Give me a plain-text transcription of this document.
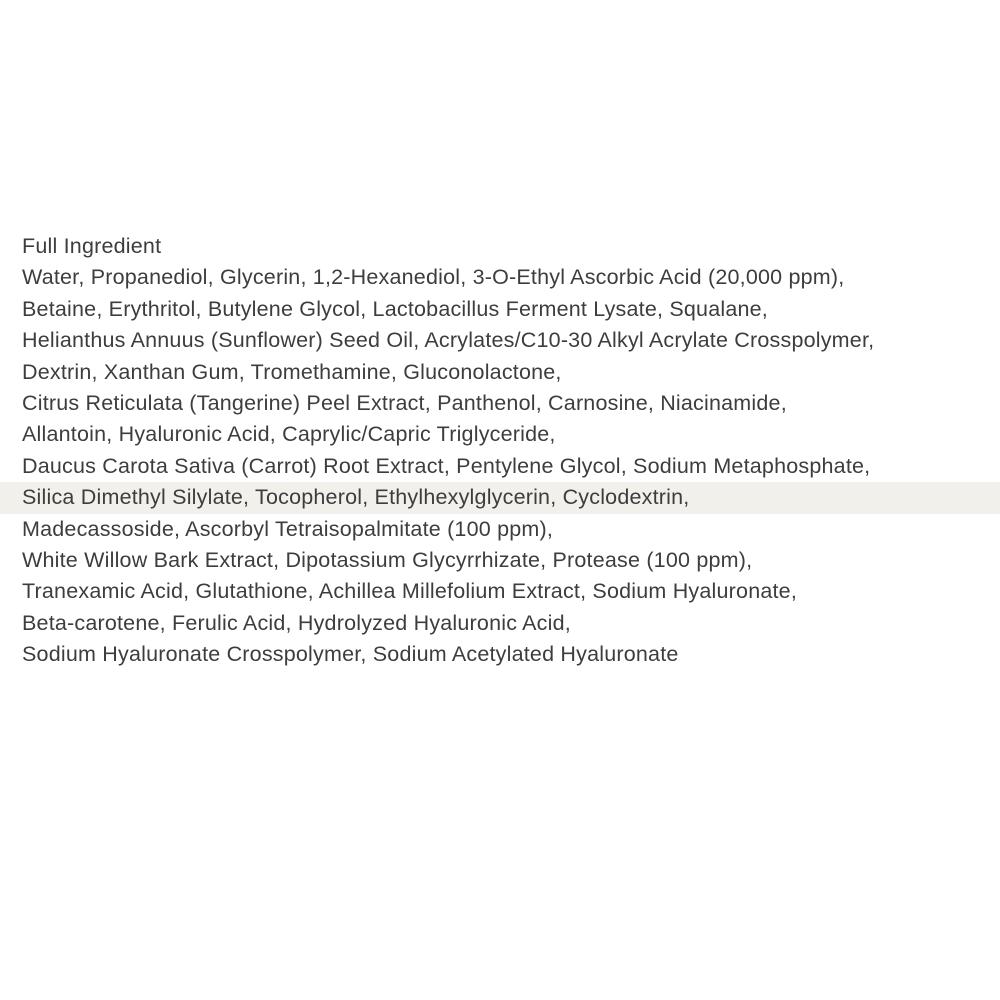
Full Ingredient
Water, Propanediol, Glycerin, 1,2-Hexanediol, 3-O-Ethyl Ascorbic Acid (20,000 ppm),
Betaine, Erythritol, Butylene Glycol, Lactobacillus Ferment Lysate, Squalane,
Helianthus Annuus (Sunflower) Seed Oil, Acrylates/C10-30 Alkyl Acrylate Crosspolymer,
Dextrin, Xanthan Gum, Tromethamine, Gluconolactone,
Citrus Reticulata (Tangerine) Peel Extract, Panthenol, Carnosine, Niacinamide,
Allantoin, Hyaluronic Acid, Caprylic/Capric Triglyceride,
Daucus Carota Sativa (Carrot) Root Extract, Pentylene Glycol, Sodium Metaphosphate,
Silica Dimethyl Silylate, Tocopherol, Ethylhexylglycerin, Cyclodextrin,
Madecassoside, Ascorbyl Tetraisopalmitate (100 ppm),
White Willow Bark Extract, Dipotassium Glycyrrhizate, Protease (100 ppm),
Tranexamic Acid, Glutathione, Achillea Millefolium Extract, Sodium Hyaluronate,
Beta-carotene, Ferulic Acid, Hydrolyzed Hyaluronic Acid,
Sodium Hyaluronate Crosspolymer, Sodium Acetylated Hyaluronate
